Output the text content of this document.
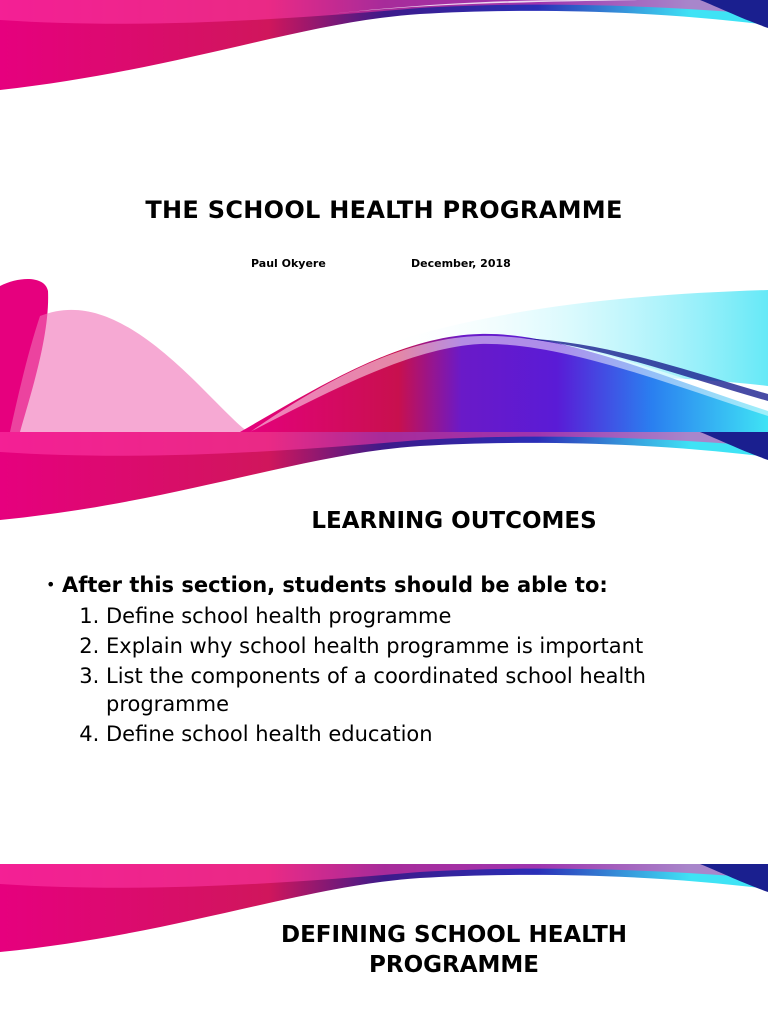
THE SCHOOL HEALTH PROGRAMME
Paul Okyere	December, 2018
LEARNING OUTCOMES
• After this section, students should be able to:
1. Define school health programme
2. Explain why school health programme is important
3. List the components of a coordinated school health programme
4. Define school health education
DEFINING SCHOOL HEALTH
PROGRAMME
